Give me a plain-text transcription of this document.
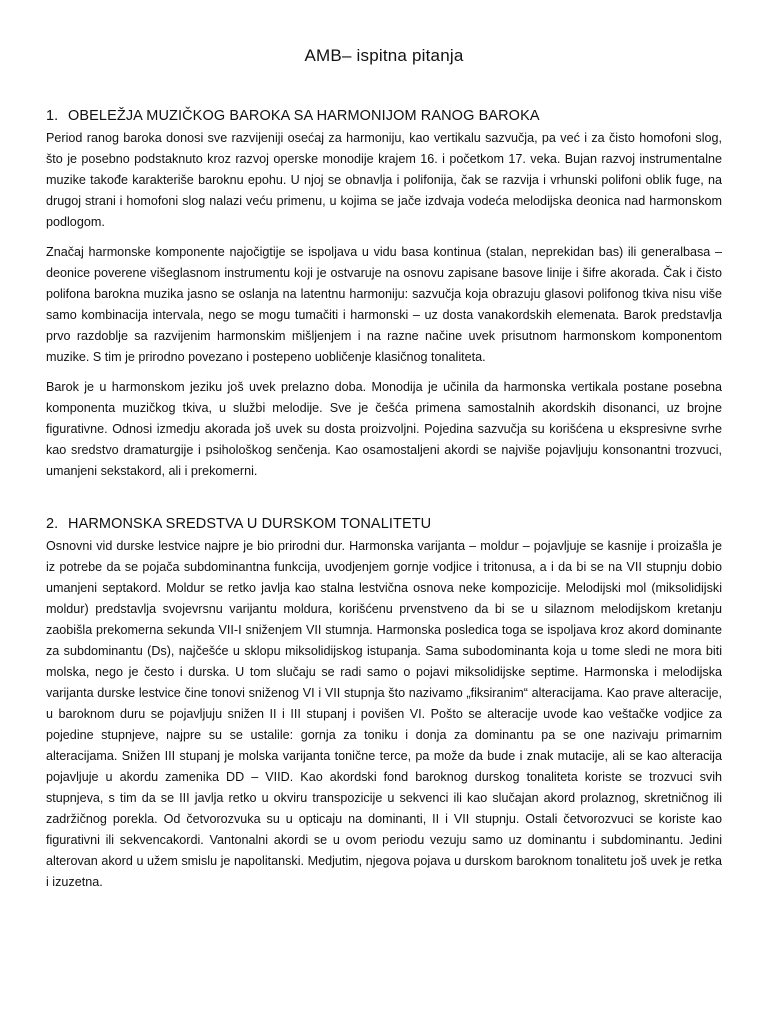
AMB– ispitna pitanja
1. OBELEŽJA MUZIČKOG BAROKA SA HARMONIJOM RANOG BAROKA

Period ranog baroka donosi sve razvijeniji osećaj za harmoniju, kao vertikalu sazvučja, pa već i za čisto homofoni slog, što je posebno podstaknuto kroz razvoj operske monodije krajem 16. i početkom 17. veka. Bujan razvoj instrumentalne muzike takođe karakteriše baroknu epohu. U njoj se obnavlja i polifonija, čak se razvija i vrhunski polifoni oblik fuge, na drugoj strani i homofoni slog nalazi veću primenu, u kojima se jače izdvaja vodeća melodijska deonica nad harmonskom podlogom.

Značaj harmonske komponente najočigtije se ispoljava u vidu basa kontinua (stalan, neprekidan bas) ili generalbasa – deonice poverene višeglasnom instrumentu koji je ostvaruje na osnovu zapisane basove linije i šifre akorada. Čak i čisto polifona barokna muzika jasno se oslanja na latentnu harmoniju: sazvučja koja obrazuju glasovi polifonog tkiva nisu više samo kombinacija intervala, nego se mogu tumačiti i harmonski – uz dosta vanakordskih elemenata. Barok predstavlja prvo razdoblje sa razvijenim harmonskim mišljenjem i na razne načine uvek prisutnom harmonskom komponentom muzike. S tim je prirodno povezano i postepeno uobličenje klasičnog tonaliteta.

Barok je u harmonskom jeziku još uvek prelazno doba. Monodija je učinila da harmonska vertikala postane posebna komponenta muzičkog tkiva, u službi melodije. Sve je češća primena samostalnih akordskih disonanci, uz brojne figurativne. Odnosi izmedju akorada još uvek su dosta proizvoljni. Pojedina sazvučja su korišćena u ekspresivne svrhe kao sredstvo dramaturgije i psihološkog senčenja. Kao osamostaljeni akordi se najviše pojavljuju konsonantni trozvuci, umanjeni sekstakord, ali i prekomerni.

2. HARMONSKA SREDSTVA U DURSKOM TONALITETU

Osnovni vid durske lestvice najpre je bio prirodni dur. Harmonska varijanta – moldur – pojavljuje se kasnije i proizašla je iz potrebe da se pojača subdominantna funkcija, uvodjenjem gornje vodjice i tritonusa, a i da bi se na VII stupnju dobio umanjeni septakord. Moldur se retko javlja kao stalna lestvična osnova neke kompozicije. Melodijski mol (miksolidijski moldur) predstavlja svojevrsnu varijantu moldura, korišćenu prvenstveno da bi se u silaznom melodijskom kretanju zaobišla prekomerna sekunda VII-I sniženjem VII stumnja. Harmonska posledica toga se ispoljava kroz akord dominante za subdominantu (Ds), najčešće u sklopu miksolidijskog istupanja. Sama subodominanta koja u tome sledi ne mora biti molska, nego je često i durska. U tom slučaju se radi samo o pojavi miksolidijske septime. Harmonska i melodijska varijanta durske lestvice čine tonovi sniženog VI i VII stupnja što nazivamo „fiksiranim“ alteracijama. Kao prave alteracije, u baroknom duru se pojavljuju snižen II i III stupanj i povišen VI. Pošto se alteracije uvode kao veštačke vodjice za pojedine stupnjeve, najpre su se ustalile: gornja za toniku i donja za dominantu pa se one nazivaju primarnim alteracijama. Snižen III stupanj je molska varijanta tonične terce, pa može da bude i znak mutacije, ali se kao alteracija pojavljuje u akordu zamenika DD – VIID. Kao akordski fond baroknog durskog tonaliteta koriste se trozvuci svih stupnjeva, s tim da se III javlja retko u okviru transpozicije u sekvenci ili kao slučajan akord prolaznog, skretničnog ili zadržičnog porekla. Od četvorozvuka su u opticaju na dominanti, II i VII stupnju. Ostali četvorozvuci se koriste kao figurativni ili sekvencakordi. Vantonalni akordi se u ovom periodu vezuju samo uz dominantu i subdominantu. Jedini alterovan akord u užem smislu je napolitanski. Medjutim, njegova pojava u durskom baroknom tonalitetu još uvek je retka i izuzetna.
